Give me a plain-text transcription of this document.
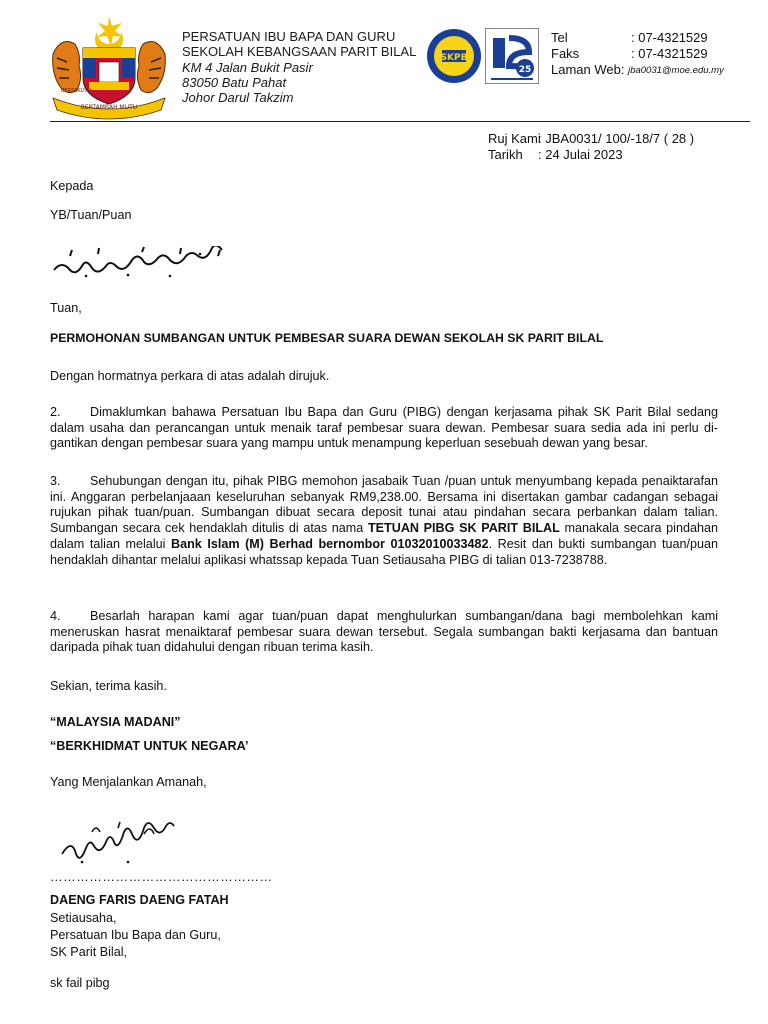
BERTAMBAH MUTU
BERSEKUTU
PERSATUAN IBU BAPA DAN GURU
SEKOLAH KEBANGSAAN PARIT BILAL
KM 4 Jalan Bukit Pasir
83050 Batu Pahat
Johor Darul Takzim
SKPB
25
Tel	: 07-4321529
Faks	: 07-4321529
Laman Web:
jba0031@moe.edu.my
Ruj Kami
: JBA0031/ 100/-18/7 ( 28 )
Tarikh	: 24 Julai 2023
Kepada
YB/Tuan/Puan
Tuan,
PERMOHONAN SUMBANGAN UNTUK PEMBESAR SUARA DEWAN SEKOLAH SK PARIT BILAL
Dengan hormatnya perkara di atas adalah dirujuk.
2. Dimaklumkan bahawa Persatuan Ibu Bapa dan Guru (PIBG) dengan kerjasama pihak SK Parit Bilal sedang dalam usaha dan perancangan untuk menaik taraf pembesar suara dewan. Pembesar suara sedia ada ini perlu di-gantikan dengan pembesar suara yang mampu untuk menampung keperluan sesebuah dewan yang besar.
3. Sehubungan dengan itu, pihak PIBG memohon jasabaik Tuan /puan untuk menyumbang kepada penaiktarafan ini. Anggaran perbelanjaaan keseluruhan sebanyak RM9,238.00. Bersama ini disertakan gambar cadangan sebagai rujukan pihak tuan/puan. Sumbangan dibuat secara deposit tunai atau pindahan secara perbankan dalam talian. Sumbangan secara cek hendaklah ditulis di atas nama TETUAN PIBG SK PARIT BILAL manakala secara pindahan dalam talian melalui Bank Islam (M) Berhad bernombor 01032010033482. Resit dan bukti sumbangan tuan/puan hendaklah dihantar melalui aplikasi whatssap kepada Tuan Setiausaha PIBG di talian 013-7238788.
4. Besarlah harapan kami agar tuan/puan dapat menghulurkan sumbangan/dana bagi membolehkan kami meneruskan hasrat menaiktaraf pembesar suara dewan tersebut. Segala sumbangan bakti kerjasama dan bantuan daripada pihak tuan didahului dengan ribuan terima kasih.
Sekian, terima kasih.
“MALAYSIA MADANI”
“BERKHIDMAT UNTUK NEGARA’
Yang Menjalankan Amanah,
……………………………………………
DAENG FARIS DAENG FATAH
Setiausaha,
Persatuan Ibu Bapa dan Guru,
SK Parit Bilal,
sk fail pibg
